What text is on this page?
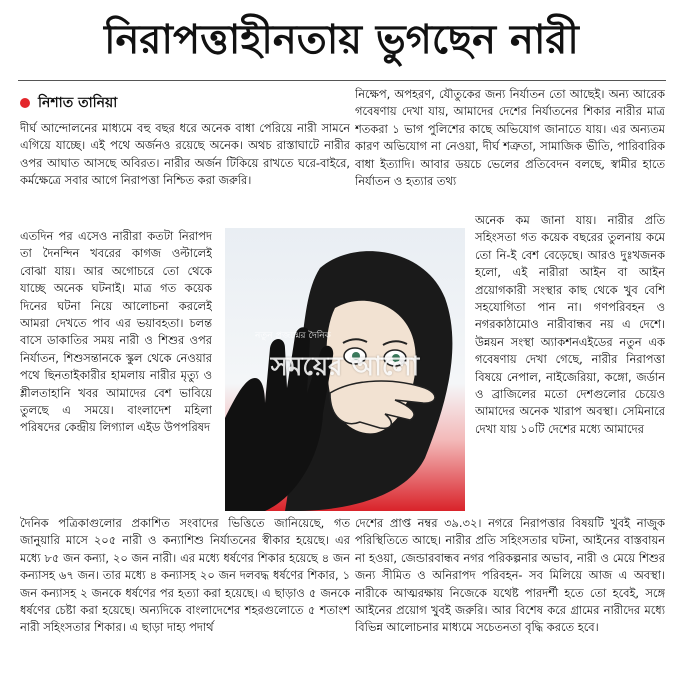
নিরাপত্তাহীনতায় ভুগছেন নারী
নিশাত তানিয়া

দীর্ঘ আন্দোলনের মাধ্যমে বহু বছর ধরে অনেক বাধা পেরিয়ে নারী সামনে এগিয়ে যাচ্ছে। এই পথে অর্জনও রয়েছে অনেক। অথচ রাস্তাঘাটে নারীর ওপর আঘাত আসছে অবিরত। নারীর অর্জন টিকিয়ে রাখতে ঘরে-বাইরে, কর্মক্ষেত্রে সবার আগে নিরাপত্তা নিশ্চিত করা জরুরি।

এতদিন পর এসেও নারীরা কতটা নিরাপদ তা দৈনন্দিন খবরের কাগজ ওল্টালেই বোঝা যায়। আর অগোচরে তো থেকে যাচ্ছে অনেক ঘটনাই। মাত্র গত কয়েক দিনের ঘটনা নিয়ে আলোচনা করলেই আমরা দেখতে পাব এর ভয়াবহতা। চলন্ত বাসে ডাকাতির সময় নারী ও শিশুর ওপর নির্যাতন, শিশুসন্তানকে স্কুল থেকে নেওয়ার পথে ছিনতাইকারীর হামলায় নারীর মৃত্যু ও শ্লীলতাহানি খবর আমাদের বেশ ভাবিয়ে তুলছে এ সময়ে। বাংলাদেশ মহিলা পরিষদের কেন্দ্রীয় লিগ্যাল এইড উপপরিষদ

নিক্ষেপ, অপহরণ, যৌতুকের জন্য নির্যাতন তো আছেই। অন্য আরেক গবেষণায় দেখা যায়, আমাদের দেশের নির্যাতনের শিকার নারীর মাত্র শতকরা ১ ভাগ পুলিশের কাছে অভিযোগ জানাতে যায়। এর অন্যতম কারণ অভিযোগ না নেওয়া, দীর্ঘ শত্রুতা, সামাজিক ভীতি, পারিবারিক বাধা ইত্যাদি। আবার ডয়চে ভেলের প্রতিবেদন বলছে, স্বামীর হাতে নির্যাতন ও হত্যার তথ্য

অনেক কম জানা যায়। নারীর প্রতি সহিংসতা গত কয়েক বছরের তুলনায় কমে তো নি-ই বেশ বেড়েছে। আরও দুঃখজনক হলো, এই নারীরা আইন বা আইন প্রয়োগকারী সংস্থার কাছ থেকে খুব বেশি সহযোগিতা পান না। গণপরিবহন ও নগরকাঠামোও নারীবান্ধব নয় এ দেশে। উন্নয়ন সংস্থা অ্যাকশনএইডের নতুন এক গবেষণায় দেখা গেছে, নারীর নিরাপত্তা বিষয়ে নেপাল, নাইজেরিয়া, কঙ্গো, জর্ডান ও ব্রাজিলের মতো দেশগুলোর চেয়েও আমাদের অনেক খারাপ অবস্থা। সেমিনারে দেখা যায় ১০টি দেশের মধ্যে আমাদের

দৈনিক পত্রিকাগুলোর প্রকাশিত সংবাদের ভিত্তিতে জানিয়েছে, গত জানুয়ারি মাসে ২০৫ নারী ও কন্যাশিশু নির্যাতনের স্বীকার হয়েছে। এর মধ্যে ৮৫ জন কন্যা, ২০ জন নারী। এর মধ্যে ধর্ষণের শিকার হয়েছে ৪ জন কন্যাসহ ৬৭ জন। তার মধ্যে ৪ কন্যাসহ ২০ জন দলবদ্ধ ধর্ষণের শিকার, ১ জন কন্যাসহ ২ জনকে ধর্ষণের পর হত্যা করা হয়েছে। এ ছাড়াও ৫ জনকে ধর্ষণের চেষ্টা করা হয়েছে। অন্যদিকে বাংলাদেশের শহরগুলোতে ৫ শতাংশ নারী সহিংসতার শিকার। এ ছাড়া দাহ্য পদার্থ

দেশের প্রাপ্ত নম্বর ৩৯.৩২। নগরে নিরাপত্তার বিষয়টি খুবই নাজুক পরিস্থিতিতে আছে। নারীর প্রতি সহিংসতার ঘটনা, আইনের বাস্তবায়ন না হওয়া, জেন্ডারবান্ধব নগর পরিকল্পনার অভাব, নারী ও মেয়ে শিশুর জন্য সীমিত ও অনিরাপদ পরিবহন- সব মিলিয়ে আজ এ অবস্থা। নারীকে আত্মরক্ষায় নিজেকে যথেষ্ট পারদর্শী হতে তো হবেই, সঙ্গে আইনের প্রয়োগ খুবই জরুরি। আর বিশেষ করে গ্রামের নারীদের মধ্যে বিভিন্ন আলোচনার মাধ্যমে সচেতনতা বৃদ্ধি করতে হবে।

নতুন প্রজন্মের দৈনিক
সময়ের আলো
